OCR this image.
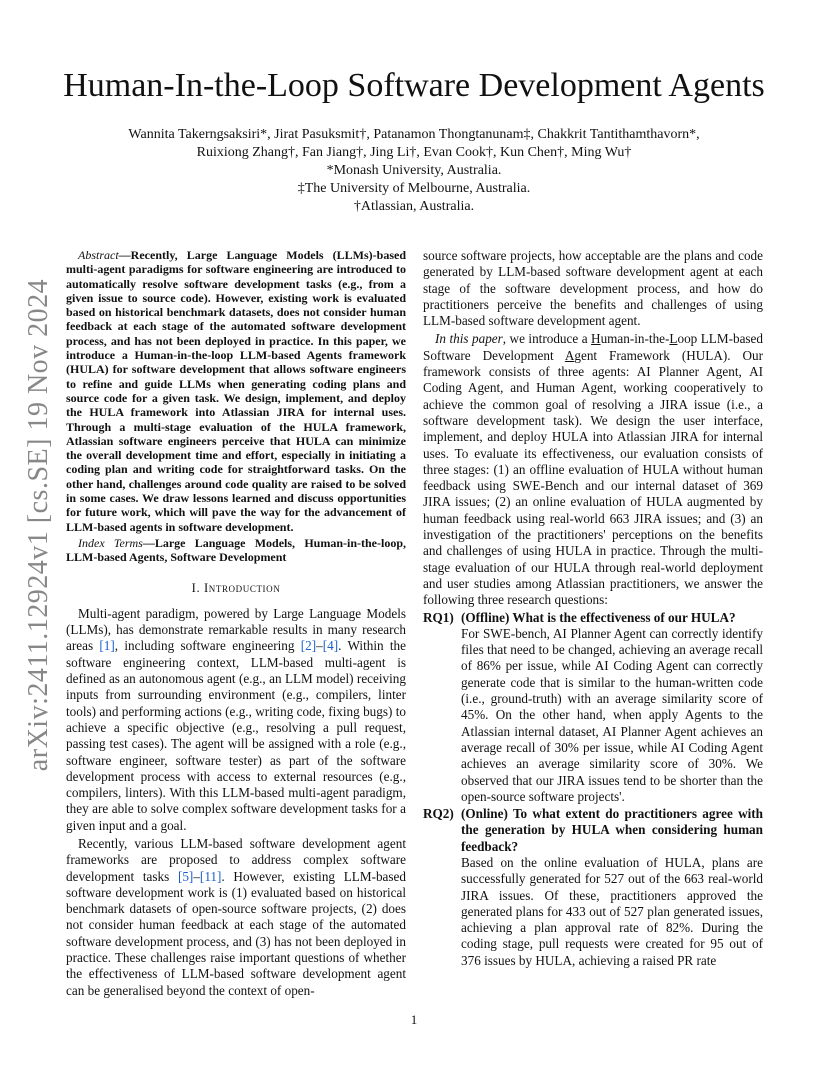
arXiv:2411.12924v1 [cs.SE] 19 Nov 2024
Human-In-the-Loop Software Development Agents
Wannita Takerngsaksiri*, Jirat Pasuksmit†, Patanamon Thongtanunam‡, Chakkrit Tantithamthavorn*,
Ruixiong Zhang†, Fan Jiang†, Jing Li†, Evan Cook†, Kun Chen†, Ming Wu†
*Monash University, Australia.
‡The University of Melbourne, Australia.
†Atlassian, Australia.

Abstract—Recently, Large Language Models (LLMs)-based multi-agent paradigms for software engineering are introduced to automatically resolve software development tasks (e.g., from a given issue to source code). However, existing work is evaluated based on historical benchmark datasets, does not consider human feedback at each stage of the automated software development process, and has not been deployed in practice. In this paper, we introduce a Human-in-the-loop LLM-based Agents framework (HULA) for software development that allows software engineers to refine and guide LLMs when generating coding plans and source code for a given task. We design, implement, and deploy the HULA framework into Atlassian JIRA for internal uses. Through a multi-stage evaluation of the HULA framework, Atlassian software engineers perceive that HULA can minimize the overall development time and effort, especially in initiating a coding plan and writing code for straightforward tasks. On the other hand, challenges around code quality are raised to be solved in some cases. We draw lessons learned and discuss opportunities for future work, which will pave the way for the advancement of LLM-based agents in software development.

Index Terms—Large Language Models, Human-in-the-loop, LLM-based Agents, Software Development

I. Introduction

Multi-agent paradigm, powered by Large Language Models (LLMs), has demonstrate remarkable results in many research areas [1], including software engineering [2]–[4]. Within the software engineering context, LLM-based multi-agent is defined as an autonomous agent (e.g., an LLM model) receiving inputs from surrounding environment (e.g., compilers, linter tools) and performing actions (e.g., writing code, fixing bugs) to achieve a specific objective (e.g., resolving a pull request, passing test cases). The agent will be assigned with a role (e.g., software engineer, software tester) as part of the software development process with access to external resources (e.g., compilers, linters). With this LLM-based multi-agent paradigm, they are able to solve complex software development tasks for a given input and a goal.

Recently, various LLM-based software development agent frameworks are proposed to address complex software development tasks [5]–[11]. However, existing LLM-based software development work is (1) evaluated based on historical benchmark datasets of open-source software projects, (2) does not consider human feedback at each stage of the automated software development process, and (3) has not been deployed in practice. These challenges raise important questions of whether the effectiveness of LLM-based software development agent can be generalised beyond the context of open-

source software projects, how acceptable are the plans and code generated by LLM-based software development agent at each stage of the software development process, and how do practitioners perceive the benefits and challenges of using LLM-based software development agent.

In this paper, we introduce a Human-in-the-Loop LLM-based Software Development Agent Framework (HULA). Our framework consists of three agents: AI Planner Agent, AI Coding Agent, and Human Agent, working cooperatively to achieve the common goal of resolving a JIRA issue (i.e., a software development task). We design the user interface, implement, and deploy HULA into Atlassian JIRA for internal uses. To evaluate its effectiveness, our evaluation consists of three stages: (1) an offline evaluation of HULA without human feedback using SWE-Bench and our internal dataset of 369 JIRA issues; (2) an online evaluation of HULA augmented by human feedback using real-world 663 JIRA issues; and (3) an investigation of the practitioners' perceptions on the benefits and challenges of using HULA in practice. Through the multi-stage evaluation of our HULA through real-world deployment and user studies among Atlassian practitioners, we answer the following three research questions:

RQ1) (Offline) What is the effectiveness of our HULA?
For SWE-bench, AI Planner Agent can correctly identify files that need to be changed, achieving an average recall of 86% per issue, while AI Coding Agent can correctly generate code that is similar to the human-written code (i.e., ground-truth) with an average similarity score of 45%. On the other hand, when apply Agents to the Atlassian internal dataset, AI Planner Agent achieves an average recall of 30% per issue, while AI Coding Agent achieves an average similarity score of 30%. We observed that our JIRA issues tend to be shorter than the open-source software projects'.
RQ2) (Online) To what extent do practitioners agree with the generation by HULA when considering human feedback?
Based on the online evaluation of HULA, plans are successfully generated for 527 out of the 663 real-world JIRA issues. Of these, practitioners approved the generated plans for 433 out of 527 plan generated issues, achieving a plan approval rate of 82%. During the coding stage, pull requests were created for 95 out of 376 issues by HULA, achieving a raised PR rate
1
